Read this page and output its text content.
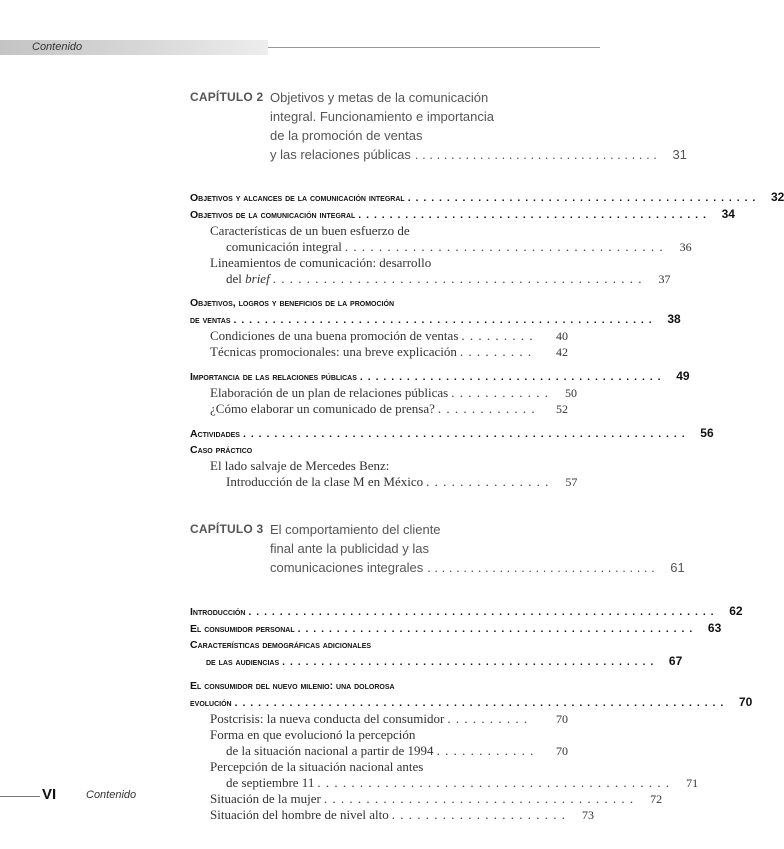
Contenido
CAPÍTULO 2 Objetivos y metas de la comunicación
integral. Funcionamiento e importancia
de la promoción de ventas
y las relaciones públicas . . . . . . . . . . . . . . . . . . . . . . . . . . . . . . . . . .	31
Objetivos y alcances de la comunicación integral . . . . . . . . . . . . . . . . . . . . . . . . . . . . . . . . . . . . . . . . . . . . .	32
Objetivos de la comunicación integral . . . . . . . . . . . . . . . . . . . . . . . . . . . . . . . . . . . . . . . . . . . . .	34
Características de un buen esfuerzo de
comunicación integral . . . . . . . . . . . . . . . . . . . . . . . . . . . . . . . . . . . . . .	36
Lineamientos de comunicación: desarrollo
del brief . . . . . . . . . . . . . . . . . . . . . . . . . . . . . . . . . . . . . . . . . . . .	37
Objetivos, logros y beneficios de la promoción
de ventas . . . . . . . . . . . . . . . . . . . . . . . . . . . . . . . . . . . . . . . . . . . . . . . . . . . . . .	38
Condiciones de una buena promoción de ventas . . . . . . . . .	40
Técnicas promocionales: una breve explicación . . . . . . . . .	42
Importancia de las relaciones públicas . . . . . . . . . . . . . . . . . . . . . . . . . . . . . . . . . . . . . . .	49
Elaboración de un plan de relaciones públicas . . . . . . . . . . . .	50
¿Cómo elaborar un comunicado de prensa? . . . . . . . . . . . .	52
Actividades . . . . . . . . . . . . . . . . . . . . . . . . . . . . . . . . . . . . . . . . . . . . . . . . . . . . . . . . .	56
Caso práctico
El lado salvaje de Mercedes Benz:
Introducción de la clase M en México . . . . . . . . . . . . . . .	57
CAPÍTULO 3 El comportamiento del cliente
final ante la publicidad y las
comunicaciones integrales . . . . . . . . . . . . . . . . . . . . . . . . . . . . . . . .	61
Introducción . . . . . . . . . . . . . . . . . . . . . . . . . . . . . . . . . . . . . . . . . . . . . . . . . . . . . . . . . . . .	62
El consumidor personal . . . . . . . . . . . . . . . . . . . . . . . . . . . . . . . . . . . . . . . . . . . . . . . . . . .	63
Características demográficas adicionales
de las audiencias . . . . . . . . . . . . . . . . . . . . . . . . . . . . . . . . . . . . . . . . . . . . . . . .	67
El consumidor del nuevo milenio: una dolorosa
evolución . . . . . . . . . . . . . . . . . . . . . . . . . . . . . . . . . . . . . . . . . . . . . . . . . . . . . . . . . . . . . . .	70
Postcrisis: la nueva conducta del consumidor . . . . . . . . . .	70
Forma en que evolucionó la percepción
de la situación nacional a partir de 1994 . . . . . . . . . . . .	70
Percepción de la situación nacional antes
de septiembre 11 . . . . . . . . . . . . . . . . . . . . . . . . . . . . . . . . . . . . . . . . . .	71
Situación de la mujer . . . . . . . . . . . . . . . . . . . . . . . . . . . . . . . . . . . . .	72
Situación del hombre de nivel alto . . . . . . . . . . . . . . . . . . . . .	73
VI	Contenido
